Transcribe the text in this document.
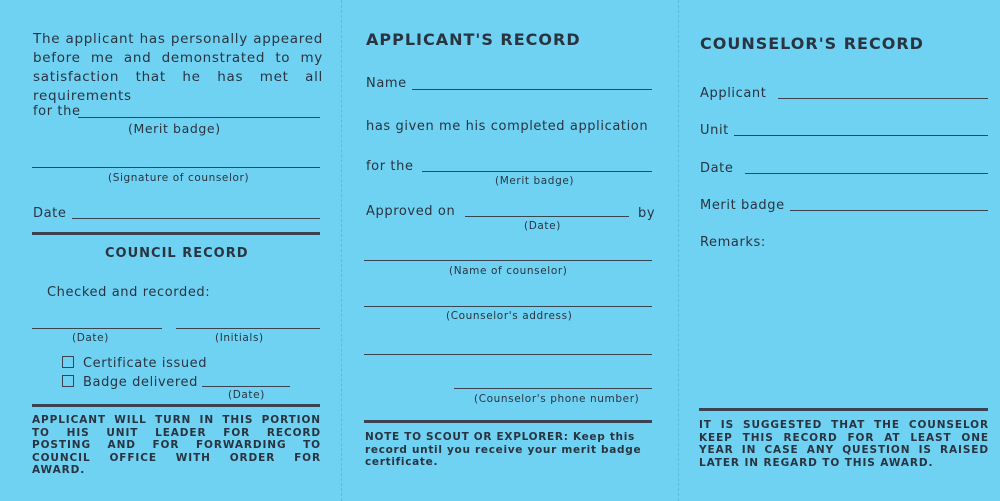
The applicant has personally appeared before me and demonstrated to my satisfaction that he has met all requirements
for the
(Merit badge)
(Signature of counselor)
Date
COUNCIL RECORD
Checked and recorded:
(Date)	(Initials)
Certificate issued
Badge delivered
(Date)
APPLICANT WILL TURN IN THIS PORTION TO HIS UNIT LEADER FOR RECORD POSTING AND FOR FORWARDING TO COUNCIL OFFICE WITH ORDER FOR AWARD.
APPLICANT'S RECORD
Name
has given me his completed application
for the
(Merit badge)
Approved on	by
(Date)
(Name of counselor)
(Counselor's address)
(Counselor's phone number)
NOTE TO SCOUT OR EXPLORER: Keep this record until you receive your merit badge certificate.
COUNSELOR'S RECORD
Applicant
Unit
Date
Merit badge
Remarks:
IT IS SUGGESTED THAT THE COUNSELOR KEEP THIS RECORD FOR AT LEAST ONE YEAR IN CASE ANY QUESTION IS RAISED LATER IN REGARD TO THIS AWARD.
